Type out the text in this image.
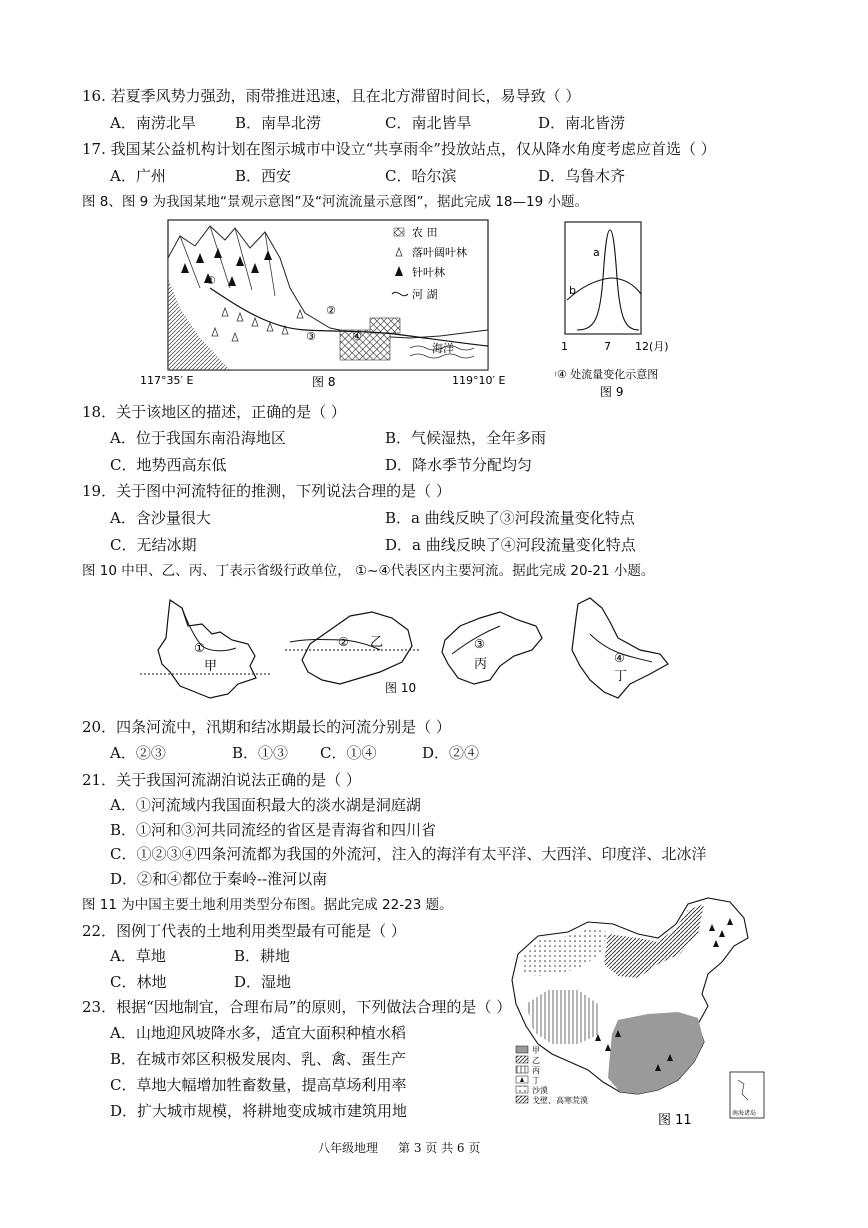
16. 若夏季风势力强劲，雨带推进迅速，且在北方滞留时间长，易导致（ ）
A．南涝北旱	B．南旱北涝	C．南北皆旱	D．南北皆涝
17. 我国某公益机构计划在图示城市中设立“共享雨伞”投放站点，仅从降水角度考虑应首选（ ）
A．广州	B．西安	C．哈尔滨	D．乌鲁木齐
图 8、图 9 为我国某地“景观示意图”及“河流流量示意图”，据此完成 18—19 小题。
海洋
①
②
③	④
农 田
落叶阔叶林
针叶林
河 湖
117°35′ E	119°10′ E
图 8
a
b
1	7 12 (月)
③④ 处流量变化示意图
图 9
18．关于该地区的描述，正确的是（ ）
A．位于我国东南沿海地区	B．气候湿热，全年多雨
C．地势西高东低	D．降水季节分配均匀
19．关于图中河流特征的推测，下列说法合理的是（ ）
A．含沙量很大	B．a 曲线反映了③河段流量变化特点
C．无结冰期	D．a 曲线反映了④河段流量变化特点
图 10 中甲、乙、丙、丁表示省级行政单位， ①~④代表区内主要河流。据此完成 20-21 小题。
①
甲
② 乙	③
丙
图 10
④
丁
20．四条河流中，汛期和结冰期最长的河流分别是（ ）
A．②③	B．①③ C．①④	D．②④
21．关于我国河流湖泊说法正确的是（ ）
A．①河流域内我国面积最大的淡水湖是洞庭湖
B．①河和③河共同流经的省区是青海省和四川省
C．①②③④四条河流都为我国的外流河，注入的海洋有太平洋、大西洋、印度洋、北冰洋
D．②和④都位于秦岭--淮河以南
图 11 为中国主要土地利用类型分布图。据此完成 22-23 题。
22．图例丁代表的土地利用类型最有可能是（ ）
A．草地	B．耕地
C．林地	D．湿地
23．根据“因地制宜，合理布局”的原则，下列做法合理的是（ ）
A．山地迎风坡降水多，适宜大面积种植水稻
B．在城市郊区积极发展肉、乳、禽、蛋生产
C．草地大幅增加牲畜数量，提高草场利用率
D．扩大城市规模，将耕地变成城市建筑用地	南海诸岛
甲
乙
丙
丁
沙漠
戈壁、高寒荒漠
图 11
八年级地理 第 3 页 共 6 页
